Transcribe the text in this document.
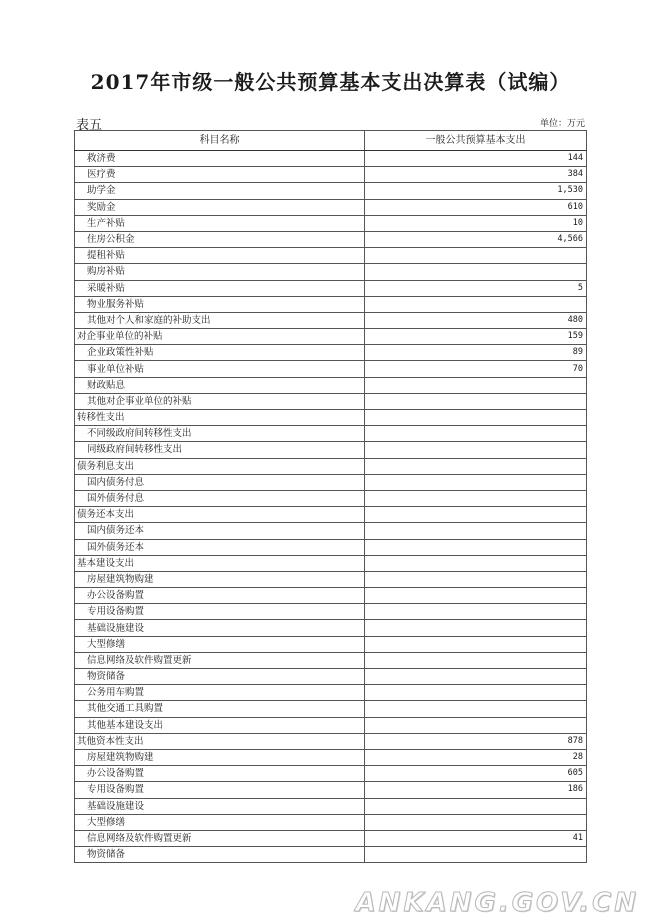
2017年市级一般公共预算基本支出决算表（试编）
表五	单位：万元
科目名称	一般公共预算基本支出
救济费	144
医疗费	384
助学金	1,530
奖励金	610
生产补贴	10
住房公积金	4,566
提租补贴	
购房补贴	
采暖补贴	5
物业服务补贴	
其他对个人和家庭的补助支出	480
对企事业单位的补贴	159
企业政策性补贴	89
事业单位补贴	70
财政贴息	
其他对企事业单位的补贴	
转移性支出	
不同级政府间转移性支出	
同级政府间转移性支出	
债务利息支出	
国内债务付息	
国外债务付息	
债务还本支出	
国内债务还本	
国外债务还本	
基本建设支出	
房屋建筑物购建	
办公设备购置	
专用设备购置	
基础设施建设	
大型修缮	
信息网络及软件购置更新	
物资储备	
公务用车购置	
其他交通工具购置	
其他基本建设支出	
其他资本性支出	878
房屋建筑物购建	28
办公设备购置	605
专用设备购置	186
基础设施建设	
大型修缮	
信息网络及软件购置更新	41
物资储备	
ANKANG.GOV.CN
